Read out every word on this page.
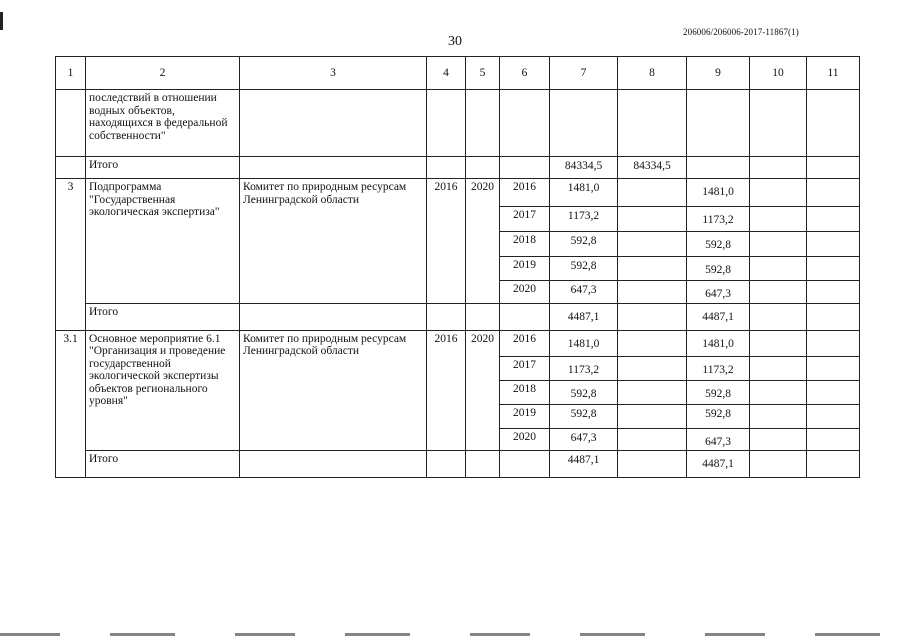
206006/206006-2017-11867(1)
30
1	2	3	4	5	6	7	8	9	10	11
	последствий в отношении водных объектов, находящихся в федеральной собственности"									
	Итого					84334,5	84334,5			
3	Подпрограмма "Государственная экологическая экспертиза"	Комитет по природным ресурсам Ленинградской области	2016	2020	2016	1481,0		1481,0		
					2017	1173,2		1173,2		
					2018	592,8		592,8		
					2019	592,8		592,8		
					2020	647,3		647,3		
	Итого					4487,1		4487,1		
3.1	Основное мероприятие 6.1 "Организация и проведение государственной экологической экспертизы объектов регионального уровня"	Комитет по природным ресурсам Ленинградской области	2016	2020	2016	1481,0		1481,0		
					2017	1173,2		1173,2		
					2018	592,8		592,8		
					2019	592,8		592,8		
					2020	647,3		647,3		
	Итого					4487,1		4487,1		
